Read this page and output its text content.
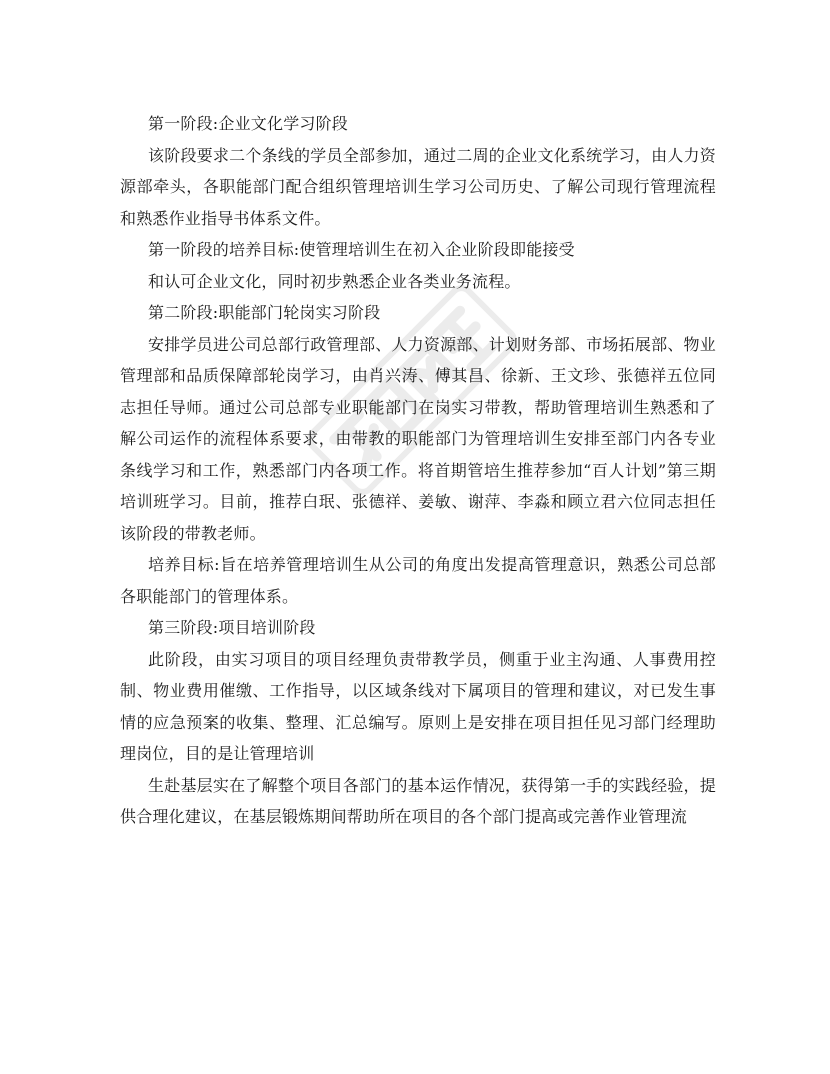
第一阶段:企业文化学习阶段

该阶段要求二个条线的学员全部参加，通过二周的企业文化系统学习，由人力资源部牵头，各职能部门配合组织管理培训生学习公司历史、了解公司现行管理流程和熟悉作业指导书体系文件。

第一阶段的培养目标:使管理培训生在初入企业阶段即能接受

和认可企业文化，同时初步熟悉企业各类业务流程。

第二阶段:职能部门轮岗实习阶段

安排学员进公司总部行政管理部、人力资源部、计划财务部、市场拓展部、物业管理部和品质保障部轮岗学习，由肖兴涛、傅其昌、徐新、王文珍、张德祥五位同志担任导师。通过公司总部专业职能部门在岗实习带教，帮助管理培训生熟悉和了解公司运作的流程体系要求，由带教的职能部门为管理培训生安排至部门内各专业条线学习和工作，熟悉部门内各项工作。将首期管培生推荐参加“百人计划”第三期培训班学习。目前，推荐白珉、张德祥、姜敏、谢萍、李淼和顾立君六位同志担任该阶段的带教老师。

培养目标:旨在培养管理培训生从公司的角度出发提高管理意识，熟悉公司总部各职能部门的管理体系。

第三阶段:项目培训阶段

此阶段，由实习项目的项目经理负责带教学员，侧重于业主沟通、人事费用控制、物业费用催缴、工作指导，以区域条线对下属项目的管理和建议，对已发生事情的应急预案的收集、整理、汇总编写。原则上是安排在项目担任见习部门经理助理岗位，目的是让管理培训

生赴基层实在了解整个项目各部门的基本运作情况，获得第一手的实践经验，提供合理化建议，在基层锻炼期间帮助所在项目的各个部门提高或完善作业管理流
